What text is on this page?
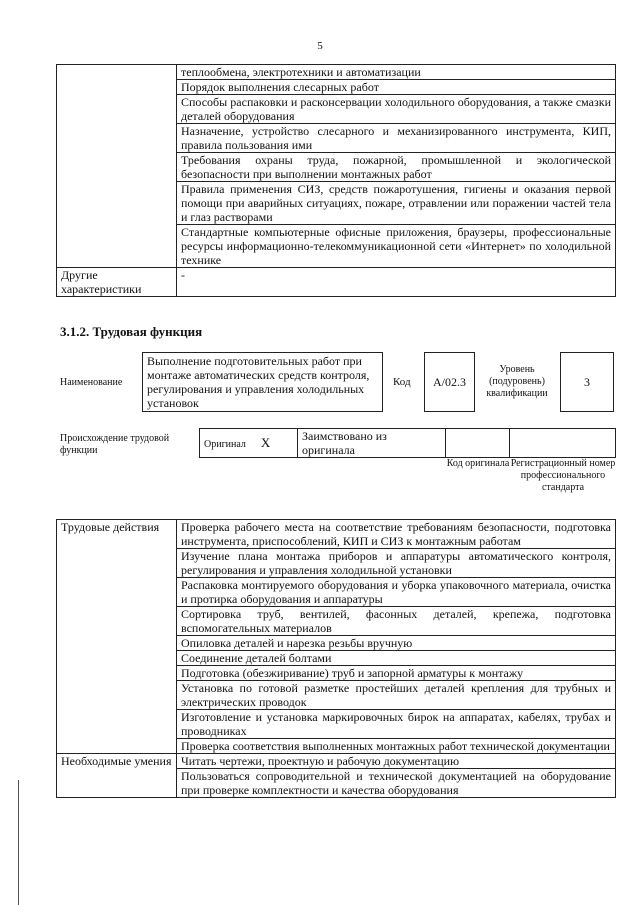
5
	теплообмена, электротехники и автоматизации
	Порядок выполнения слесарных работ
	Способы распаковки и расконсервации холодильного оборудования, а также смазки деталей оборудования
	Назначение, устройство слесарного и механизированного инструмента, КИП, правила пользования ими
	Требования охраны труда, пожарной, промышленной и экологической безопасности при выполнении монтажных работ
	Правила применения СИЗ, средств пожаротушения, гигиены и оказания первой помощи при аварийных ситуациях, пожаре, отравлении или поражении частей тела и глаз растворами
	Стандартные компьютерные офисные приложения, браузеры, профессиональные ресурсы информационно-телекоммуникационной сети «Интернет» по холодильной технике
Другие характеристики	-
3.1.2. Трудовая функция
Наименование
Выполнение подготовительных работ при монтаже автоматических средств контроля, регулирования и управления холодильных установок
Код	А/02.3
Уровень (подуровень) квалификации
3
Происхождение трудовой функции
Оригинал X	Заимствовано из оригинала		
Код оригинала Регистрационный номер профессионального стандарта
Трудовые действия	Проверка рабочего места на соответствие требованиям безопасности, подготовка инструмента, приспособлений, КИП и СИЗ к монтажным работам
	Изучение плана монтажа приборов и аппаратуры автоматического контроля, регулирования и управления холодильной установки
	Распаковка монтируемого оборудования и уборка упаковочного материала, очистка и протирка оборудования и аппаратуры
	Сортировка труб, вентилей, фасонных деталей, крепежа, подготовка вспомогательных материалов
	Опиловка деталей и нарезка резьбы вручную
	Соединение деталей болтами
	Подготовка (обезжиривание) труб и запорной арматуры к монтажу
	Установка по готовой разметке простейших деталей крепления для трубных и электрических проводок
	Изготовление и установка маркировочных бирок на аппаратах, кабелях, трубах и проводниках
	Проверка соответствия выполненных монтажных работ технической документации
Необходимые умения	Читать чертежи, проектную и рабочую документацию
	Пользоваться сопроводительной и технической документацией на оборудование при проверке комплектности и качества оборудования
